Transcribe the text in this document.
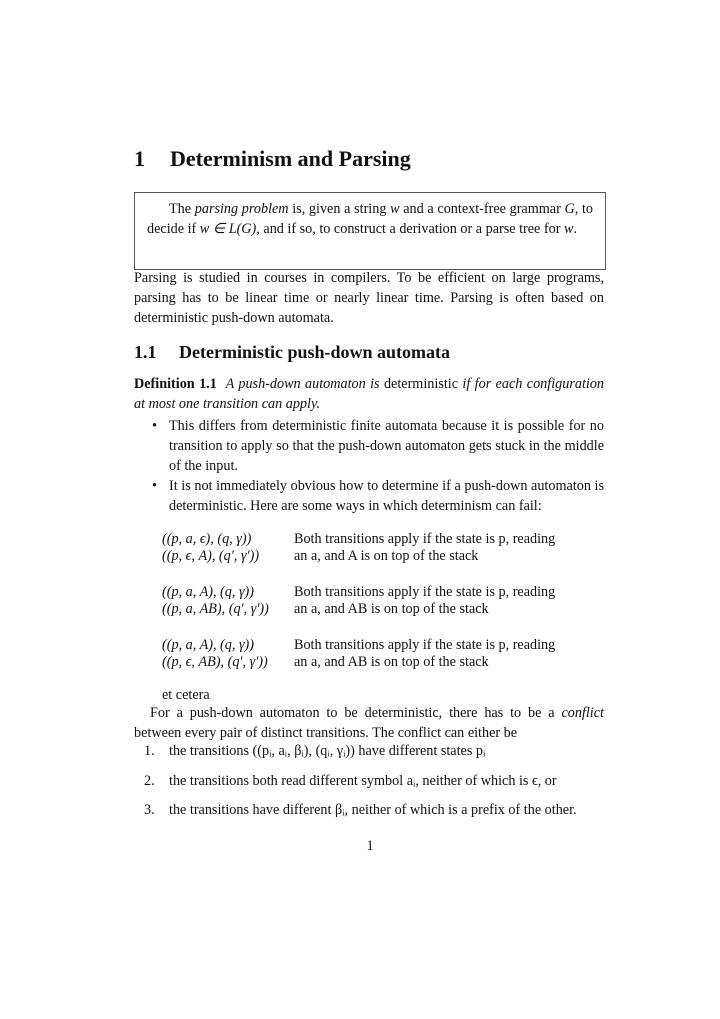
1 Determinism and Parsing
The parsing problem is, given a string w and a context-free grammar G, to decide if w ∈ L(G), and if so, to construct a derivation or a parse tree for w.

Parsing is studied in courses in compilers. To be efficient on large programs, parsing has to be linear time or nearly linear time. Parsing is often based on deterministic push-down automata.

1.1 Deterministic push-down automata

Definition 1.1 A push-down automaton is deterministic if for each configuration at most one transition can apply.

• This differs from deterministic finite automata because it is possible for no transition to apply so that the push-down automaton gets stuck in the middle of the input.
• It is not immediately obvious how to determine if a push-down automaton is deterministic. Here are some ways in which determinism can fail:
((p, a, ϵ), (q, γ))	Both transitions apply if the state is p, reading
((p, ϵ, A), (q′, γ′)) an a, and A is on top of the stack
((p, a, A), (q, γ))	Both transitions apply if the state is p, reading
((p, a, AB), (q′, γ′)) an a, and AB is on top of the stack
((p, a, A), (q, γ))	Both transitions apply if the state is p, reading
((p, ϵ, AB), (q′, γ′)) an a, and AB is on top of the stack
et cetera

For a push-down automaton to be deterministic, there has to be a conflict between every pair of distinct transitions. The conflict can either be

1. the transitions ((pᵢ, aᵢ, βᵢ), (qᵢ, γᵢ)) have different states pᵢ
2. the transitions both read different symbol aᵢ, neither of which is ϵ, or
3. the transitions have different βᵢ, neither of which is a prefix of the other.
1
